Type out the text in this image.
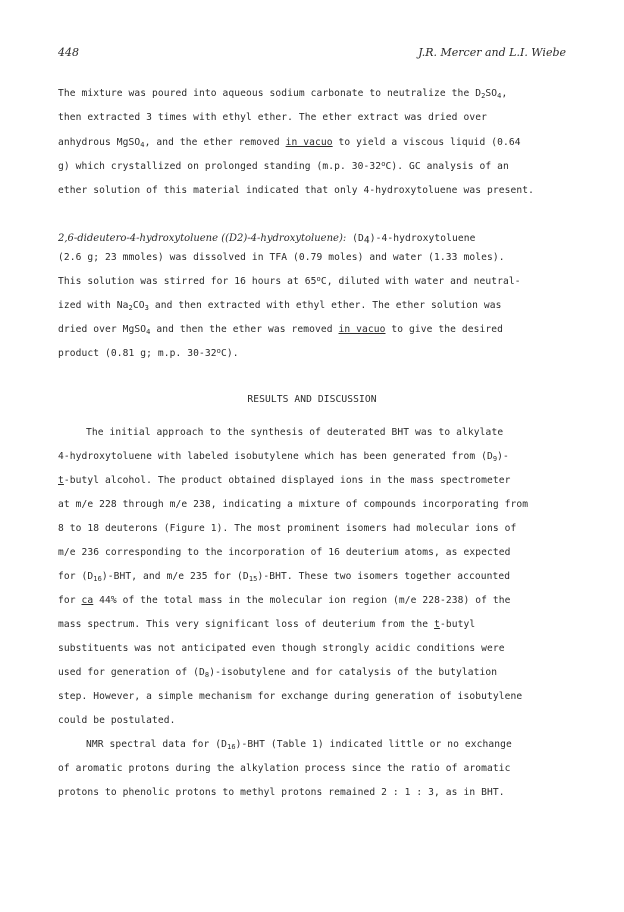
448	J.R. Mercer and L.I. Wiebe
The mixture was poured into aqueous sodium carbonate to neutralize the $D_2SO_4$,
then extracted 3 times with ethyl ether. The ether extract was dried over
anhydrous MgSO$_4$, and the ether removed in vacuo to yield a viscous liquid (0.64
g) which crystallized on prolonged standing (m.p. 30-32$^o$C). GC analysis of an
ether solution of this material indicated that only 4-hydroxytoluene was present.
2,6-dideutero-4-hydroxytoluene ((D2)-4-hydroxytoluene): $(D_4)-4$-hydroxytoluene
(2.6 g; 23 mmoles) was dissolved in TFA (0.79 moles) and water (1.33 moles).
This solution was stirred for 16 hours at 65$^o$C, diluted with water and neutral-
ized with $Na_2CO_3$ and then extracted with ethyl ether. The ether solution was
dried over MgSO$_4$ and then the ether was removed in vacuo to give the desired
product (0.81 g; m.p. 30-32$^o$C).
RESULTS AND DISCUSSION
The initial approach to the synthesis of deuterated BHT was to alkylate
4-hydroxytoluene with labeled isobutylene which has been generated from $(D_9)-$
t-butyl alcohol. The product obtained displayed ions in the mass spectrometer
at m/e 228 through m/e 238, indicating a mixture of compounds incorporating from
8 to 18 deuterons (Figure 1). The most prominent isomers had molecular ions of
m/e 236 corresponding to the incorporation of 16 deuterium atoms, as expected
for $(D_{16})$-BHT, and m/e 235 for $(D_{15})$-BHT. These two isomers together accounted
for ca 44% of the total mass in the molecular ion region (m/e 228-238) of the
mass spectrum. This very significant loss of deuterium from the t-butyl
substituents was not anticipated even though strongly acidic conditions were
used for generation of $(D_8)$-isobutylene and for catalysis of the butylation
step. However, a simple mechanism for exchange during generation of isobutylene
could be postulated.
NMR spectral data for $(D_{16})$-BHT (Table 1) indicated little or no exchange
of aromatic protons during the alkylation process since the ratio of aromatic
protons to phenolic protons to methyl protons remained 2 : 1 : 3, as in BHT.
